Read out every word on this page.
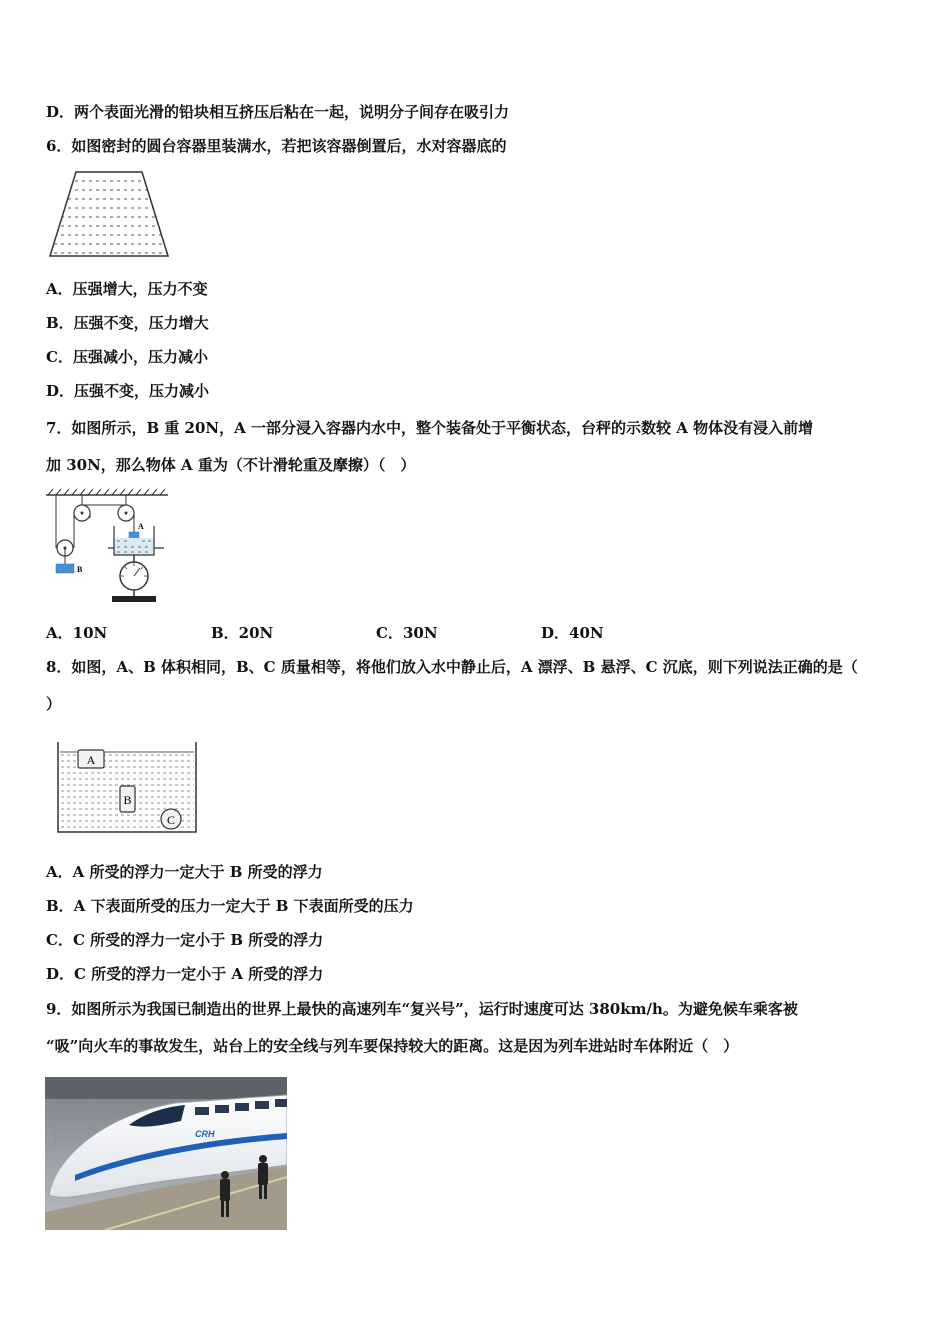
D．两个表面光滑的铅块相互挤压后粘在一起，说明分子间存在吸引力
6．如图密封的圆台容器里装满水，若把该容器倒置后，水对容器底的
A．压强增大，压力不变
B．压强不变，压力增大
C．压强减小，压力减小
D．压强不变，压力减小
7．如图所示，B 重 20N，A 一部分浸入容器内水中，整个装备处于平衡状态，台秤的示数较 A 物体没有浸入前增
加 30N，那么物体 A 重为（不计滑轮重及摩擦）（　）
B
A
A．10N	B．20N	C．30N	D．40N
8．如图，A、B 体积相同，B、C 质量相等，将他们放入水中静止后，A 漂浮、B 悬浮、C 沉底，则下列说法正确的是（
）
A
B
C
A．A 所受的浮力一定大于 B 所受的浮力
B．A 下表面所受的压力一定大于 B 下表面所受的压力
C．C 所受的浮力一定小于 B 所受的浮力
D．C 所受的浮力一定小于 A 所受的浮力
9．如图所示为我国已制造出的世界上最快的高速列车“复兴号”，运行时速度可达 380km/h。为避免候车乘客被
“吸”向火车的事故发生，站台上的安全线与列车要保持较大的距离。这是因为列车进站时车体附近（　）
CRH
